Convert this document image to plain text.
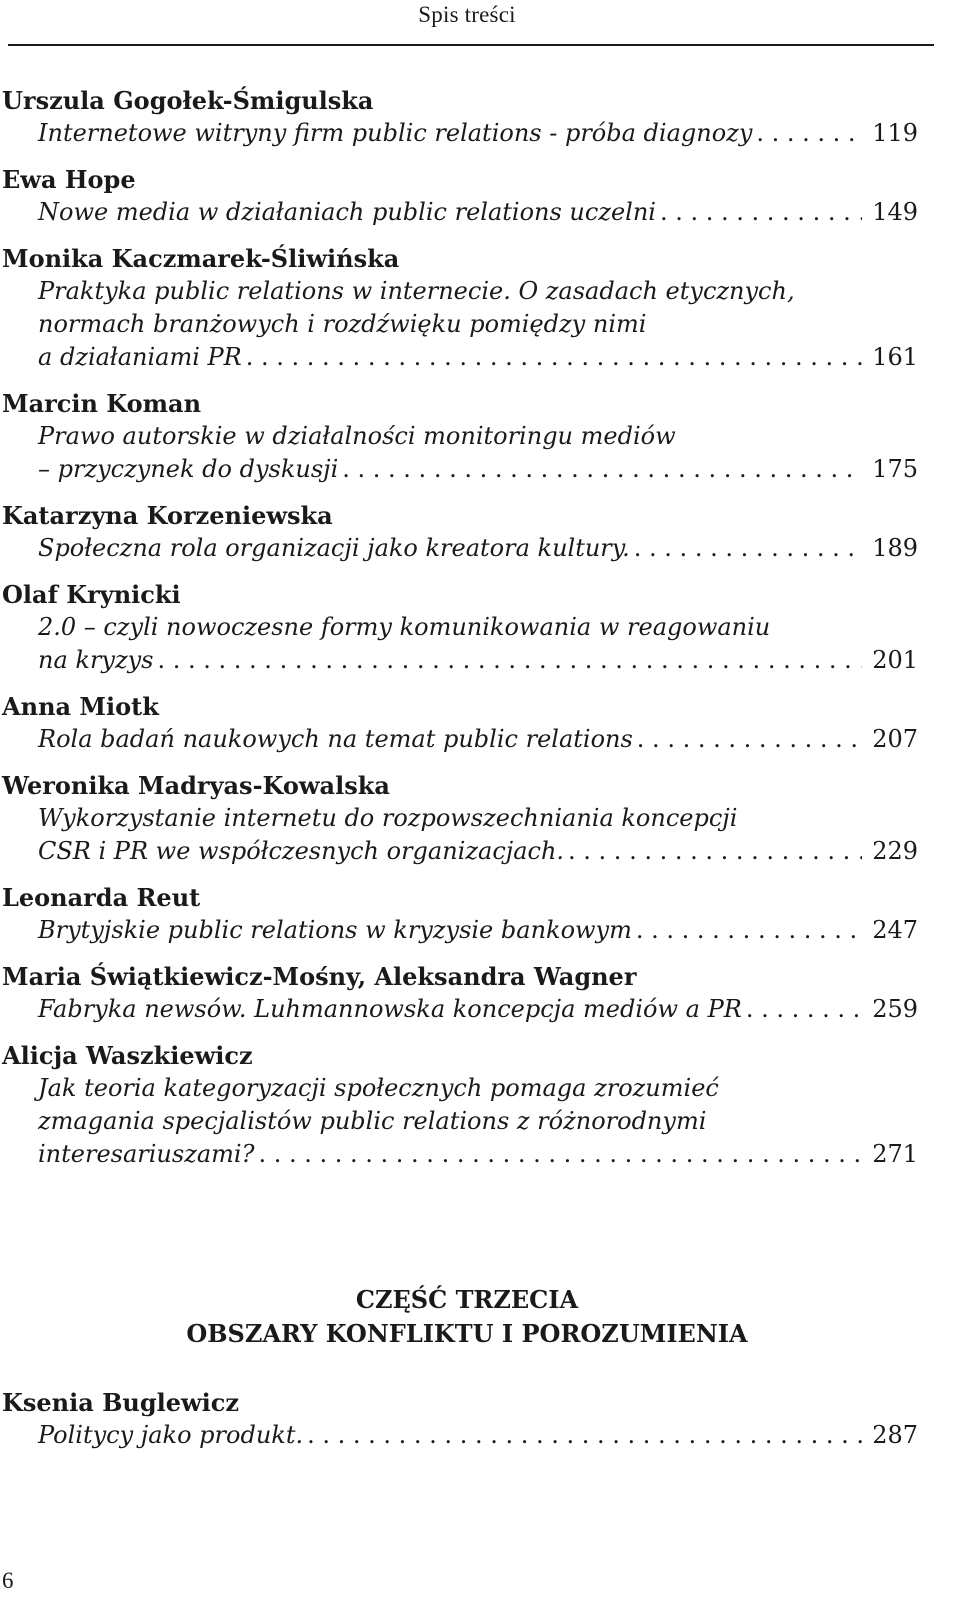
Spis treści
Urszula Gogołek-Śmigulska
Internetowe witryny firm public relations - próba diagnozy . . .	119
Ewa Hope
Nowe media w działaniach public relations uczelni . . .	149
Monika Kaczmarek-Śliwińska
Praktyka public relations w internecie. O zasadach etycznych,
normach branżowych i rozdźwięku pomiędzy nimi
a działaniami PR . . .	161
Marcin Koman
Prawo autorskie w działalności monitoringu mediów
– przyczynek do dyskusji . . .	175
Katarzyna Korzeniewska
Społeczna rola organizacji jako kreatora kultury. . . .	189
Olaf Krynicki
2.0 – czyli nowoczesne formy komunikowania w reagowaniu
na kryzys . . .	201
Anna Miotk
Rola badań naukowych na temat public relations . . .	207
Weronika Madryas-Kowalska
Wykorzystanie internetu do rozpowszechniania koncepcji
CSR i PR we współczesnych organizacjach. . . .	229
Leonarda Reut
Brytyjskie public relations w kryzysie bankowym . . .	247
Maria Świątkiewicz-Mośny, Aleksandra Wagner
Fabryka newsów. Luhmannowska koncepcja mediów a PR . . .	259
Alicja Waszkiewicz
Jak teoria kategoryzacji społecznych pomaga zrozumieć
zmagania specjalistów public relations z różnorodnymi
interesariuszami? . . .	271
CZĘŚĆ TRZECIA
OBSZARY KONFLIKTU I POROZUMIENIA
Ksenia Buglewicz
Politycy jako produkt. . . .	287
6
